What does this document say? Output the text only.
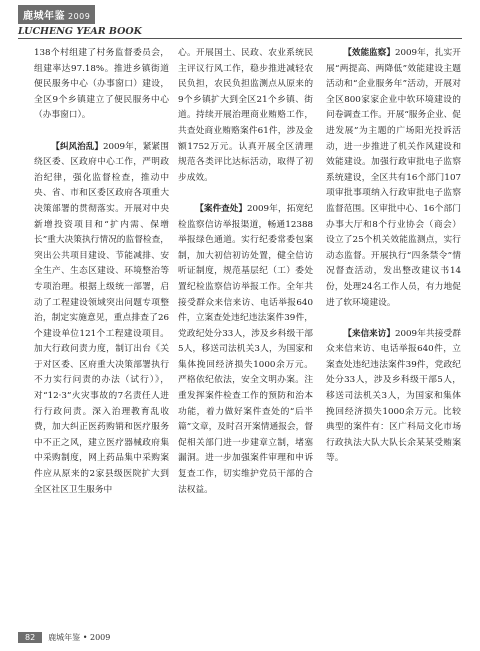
鹿城年鉴 2009
LUCHENG YEAR BOOK

138个村组建了村务监督委员会，组建率达97.18%。推进乡镇街道便民服务中心（办事窗口）建设，全区9个乡镇建立了便民服务中心（办事窗口）。

【纠风治乱】2009年，紧紧围绕区委、区政府中心工作，严明政治纪律，强化监督检查，推动中央、省、市和区委区政府各项重大决策部署的贯彻落实。开展对中央新增投资项目和“扩内需、保增长”重大决策执行情况的监督检查，突出公共项目建设、节能减排、安全生产、生态区建设、环境整治等专项治理。根据上级统一部署，启动了工程建设领域突出问题专项整治，制定实施意见，重点排查了26个建设单位121个工程建设项目。加大行政问责力度，制订出台《关于对区委、区府重大决策部署执行不力实行问责的办法（试行）》，对“12·3”火灾事故的7名责任人进行行政问责。深入治理教育乱收费，加大纠正医药购销和医疗服务中不正之风，建立医疗器械政府集中采购制度，网上药品集中采购案件应从原来的2家县级医院扩大到全区社区卫生服务中

心。开展国土、民政、农业系统民主评议行风工作，稳步推进减轻农民负担，农民负担监测点从原来的9个乡镇扩大到全区21个乡镇、街道。持续开展治理商业贿赂工作，共查处商业贿赂案件61件，涉及金额1752万元。认真开展全区清理规范各类评比达标活动，取得了初步成效。

【案件查处】2009年，拓宽纪检监察信访举报渠道，畅通12388举报绿色通道。实行纪委常委包案制，加大初信初访处置，健全信访听证制度，规范基层纪（工）委处置纪检监察信访举报工作。全年共接受群众来信来访、电话举报640件，立案查处违纪违法案件39件，党政纪处分33人，涉及乡科级干部5人，移送司法机关3人，为国家和集体挽回经济损失1000余万元。严格依纪依法，安全文明办案。注重发挥案件检查工作的预防和治本功能，着力做好案件查处的“后半篇”文章，及时召开案情通报会，督促相关部门进一步建章立制，堵塞漏洞。进一步加强案件审理和申诉复查工作，切实维护党员干部的合法权益。

【效能监察】2009年，扎实开展“两提高、两降低”效能建设主题活动和“企业服务年”活动，开展对全区800家家企业中软环境建设的问卷调查工作。开展“服务企业、促进发展”为主题的广场阳光投诉活动，进一步推进了机关作风建设和效能建设。加强行政审批电子监察系统建设，全区共有16个部门107项审批事项纳入行政审批电子监察监督范围。区审批中心、16个部门办事大厅和8个行业协会（商会）设立了25个机关效能监测点，实行动态监督。开展执行“四条禁令”情况督查活动，发出整改建议书14份，处理24名工作人员，有力地促进了软环境建设。

【来信来访】2009年共接受群众来信来访、电话举报640件，立案查处违纪违法案件39件，党政纪处分33人，涉及乡科级干部5人，移送司法机关3人，为国家和集体挽回经济损失1000余万元。比较典型的案件有：区广科局文化市场行政执法大队大队长余某某受贿案等。

82	鹿城年鉴 • 2009
